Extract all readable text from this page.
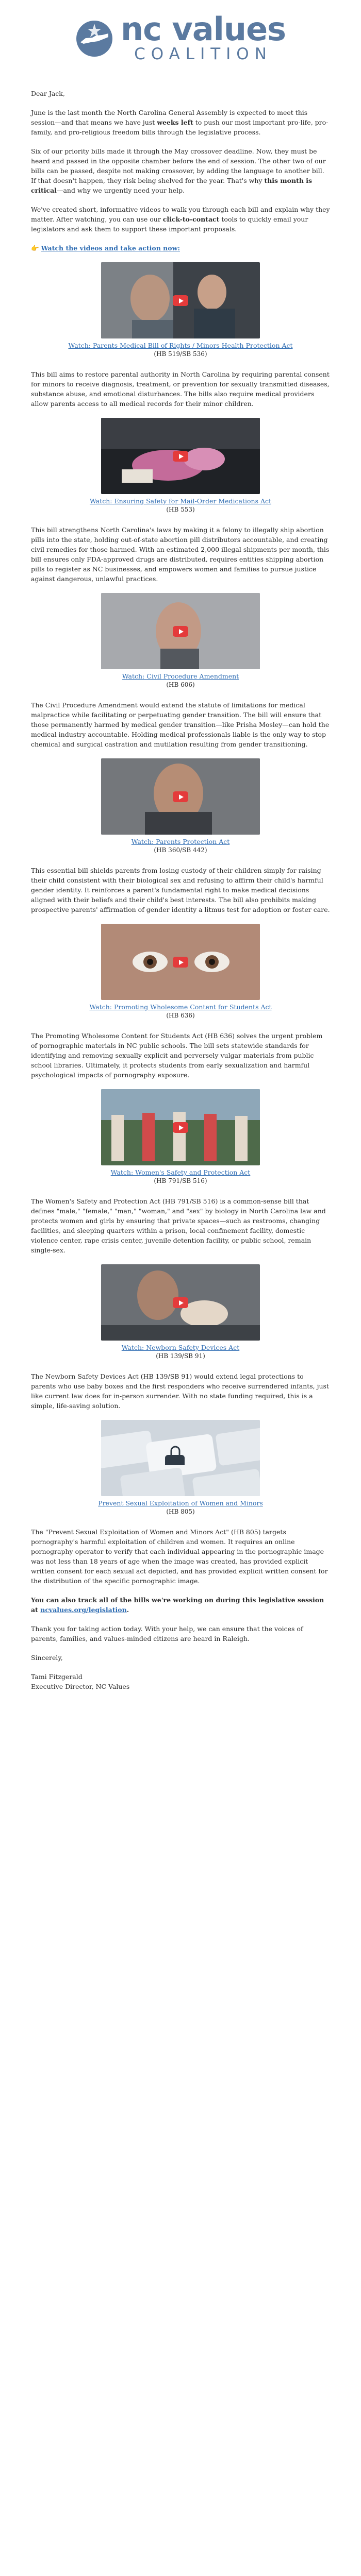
nc values
COALITION

Dear Jack,

June is the last month the North Carolina General Assembly is expected to meet this session—and that means we have just weeks left to push our most important pro-life, pro-family, and pro-religious freedom bills through the legislative process.

Six of our priority bills made it through the May crossover deadline. Now, they must be heard and passed in the opposite chamber before the end of session. The other two of our bills can be passed, despite not making crossover, by adding the language to another bill. If that doesn't happen, they risk being shelved for the year. That's why this month is critical—and why we urgently need your help.

We've created short, informative videos to walk you through each bill and explain why they matter. After watching, you can use our click-to-contact tools to quickly email your legislators and ask them to support these important proposals.

👉 Watch the videos and take action now:

Watch: Parents Medical Bill of Rights / Minors Health Protection Act
(HB 519/SB 536)

This bill aims to restore parental authority in North Carolina by requiring parental consent for minors to receive diagnosis, treatment, or prevention for sexually transmitted diseases, substance abuse, and emotional disturbances. The bills also require medical providers allow parents access to all medical records for their minor children.

Watch: Ensuring Safety for Mail-Order Medications Act
(HB 553)

This bill strengthens North Carolina's laws by making it a felony to illegally ship abortion pills into the state, holding out-of-state abortion pill distributors accountable, and creating civil remedies for those harmed. With an estimated 2,000 illegal shipments per month, this bill ensures only FDA-approved drugs are distributed, requires entities shipping abortion pills to register as NC businesses, and empowers women and families to pursue justice against dangerous, unlawful practices.

Watch: Civil Procedure Amendment
(HB 606)

The Civil Procedure Amendment would extend the statute of limitations for medical malpractice while facilitating or perpetuating gender transition. The bill will ensure that those permanently harmed by medical gender transition—like Prisha Mosley—can hold the medical industry accountable. Holding medical professionals liable is the only way to stop chemical and surgical castration and mutilation resulting from gender transitioning.

Watch: Parents Protection Act
(HB 360/SB 442)

This essential bill shields parents from losing custody of their children simply for raising their child consistent with their biological sex and refusing to affirm their child's harmful gender identity. It reinforces a parent's fundamental right to make medical decisions aligned with their beliefs and their child's best interests. The bill also prohibits making prospective parents' affirmation of gender identity a litmus test for adoption or foster care.

Watch: Promoting Wholesome Content for Students Act
(HB 636)

The Promoting Wholesome Content for Students Act (HB 636) solves the urgent problem of pornographic materials in NC public schools. The bill sets statewide standards for identifying and removing sexually explicit and perversely vulgar materials from public school libraries. Ultimately, it protects students from early sexualization and harmful psychological impacts of pornography exposure.

Watch: Women's Safety and Protection Act
(HB 791/SB 516)

The Women's Safety and Protection Act (HB 791/SB 516) is a common-sense bill that defines "male," "female," "man," "woman," and "sex" by biology in North Carolina law and protects women and girls by ensuring that private spaces—such as restrooms, changing facilities, and sleeping quarters within a prison, local confinement facility, domestic violence center, rape crisis center, juvenile detention facility, or public school, remain single-sex.

Watch: Newborn Safety Devices Act
(HB 139/SB 91)

The Newborn Safety Devices Act (HB 139/SB 91) would extend legal protections to parents who use baby boxes and the first responders who receive surrendered infants, just like current law does for in-person surrender. With no state funding required, this is a simple, life-saving solution.

Prevent Sexual Exploitation of Women and Minors
(HB 805)

The "Prevent Sexual Exploitation of Women and Minors Act" (HB 805) targets pornography's harmful exploitation of children and women. It requires an online pornography operator to verify that each individual appearing in the pornographic image was not less than 18 years of age when the image was created, has provided explicit written consent for each sexual act depicted, and has provided explicit written consent for the distribution of the specific pornographic image.

You can also track all of the bills we're working on during this legislative session at ncvalues.org/legislation.

Thank you for taking action today. With your help, we can ensure that the voices of parents, families, and values-minded citizens are heard in Raleigh.

Sincerely,

Tami Fitzgerald
Executive Director, NC Values
